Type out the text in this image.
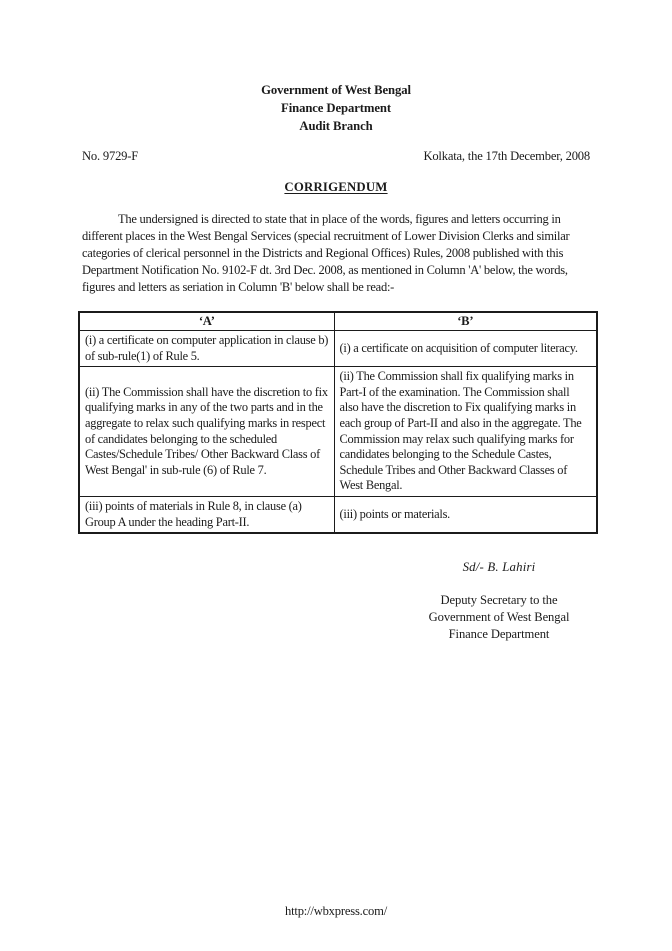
Government of West Bengal
Finance Department
Audit Branch
No. 9729-F	Kolkata, the 17th December, 2008
CORRIGENDUM

The undersigned is directed to state that in place of the words, figures and letters occurring in different places in the West Bengal Services (special recruitment of Lower Division Clerks and similar categories of clerical personnel in the Districts and Regional Offices) Rules, 2008 published with this Department Notification No. 9102-F dt. 3rd Dec. 2008, as mentioned in Column 'A' below, the words, figures and letters as seriation in Column 'B' below shall be read:-

‘A’	‘B’
(i) a certificate on computer application in clause b) of sub-rule(1) of Rule 5.	(i) a certificate on acquisition of computer literacy.
(ii) The Commission shall have the discretion to fix qualifying marks in any of the two parts and in the aggregate to relax such qualifying marks in respect of candidates belonging to the scheduled Castes/Schedule Tribes/ Other Backward Class of West Bengal' in sub-rule (6) of Rule 7.	(ii) The Commission shall fix qualifying marks in Part-I of the examination. The Commission shall also have the discretion to Fix qualifying marks in each group of Part-II and also in the aggregate. The Commission may relax such qualifying marks for candidates belonging to the Schedule Castes, Schedule Tribes and Other Backward Classes of West Bengal.
(iii) points of materials in Rule 8, in clause (a) Group A under the heading Part-II.	(iii) points or materials.
Sd/- B. Lahiri
Deputy Secretary to the
Government of West Bengal
Finance Department
http://wbxpress.com/
